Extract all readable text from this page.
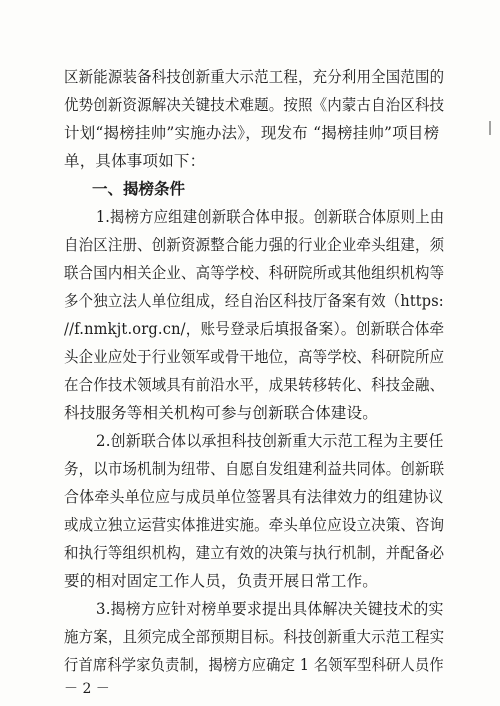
区新能源装备科技创新重大示范工程，充分利用全国范围的
优势创新资源解决关键技术难题。按照《内蒙古自治区科技
计划“揭榜挂帅”实施办法》，现发布 “揭榜挂帅”项目榜
单，具体事项如下：
一、揭榜条件
1.揭榜方应组建创新联合体申报。创新联合体原则上由
自治区注册、创新资源整合能力强的行业企业牵头组建，须
联合国内相关企业、高等学校、科研院所或其他组织机构等
多个独立法人单位组成，经自治区科技厅备案有效（https:
//f.nmkjt.org.cn/，账号登录后填报备案）。创新联合体牵
头企业应处于行业领军或骨干地位，高等学校、科研院所应
在合作技术领域具有前沿水平，成果转移转化、科技金融、
科技服务等相关机构可参与创新联合体建设。
2.创新联合体以承担科技创新重大示范工程为主要任
务，以市场机制为纽带、自愿自发组建利益共同体。创新联
合体牵头单位应与成员单位签署具有法律效力的组建协议
或成立独立运营实体推进实施。牵头单位应设立决策、咨询
和执行等组织机构，建立有效的决策与执行机制，并配备必
要的相对固定工作人员，负责开展日常工作。
3.揭榜方应针对榜单要求提出具体解决关键技术的实
施方案，且须完成全部预期目标。科技创新重大示范工程实
行首席科学家负责制，揭榜方应确定 1 名领军型科研人员作
－ 2 －
